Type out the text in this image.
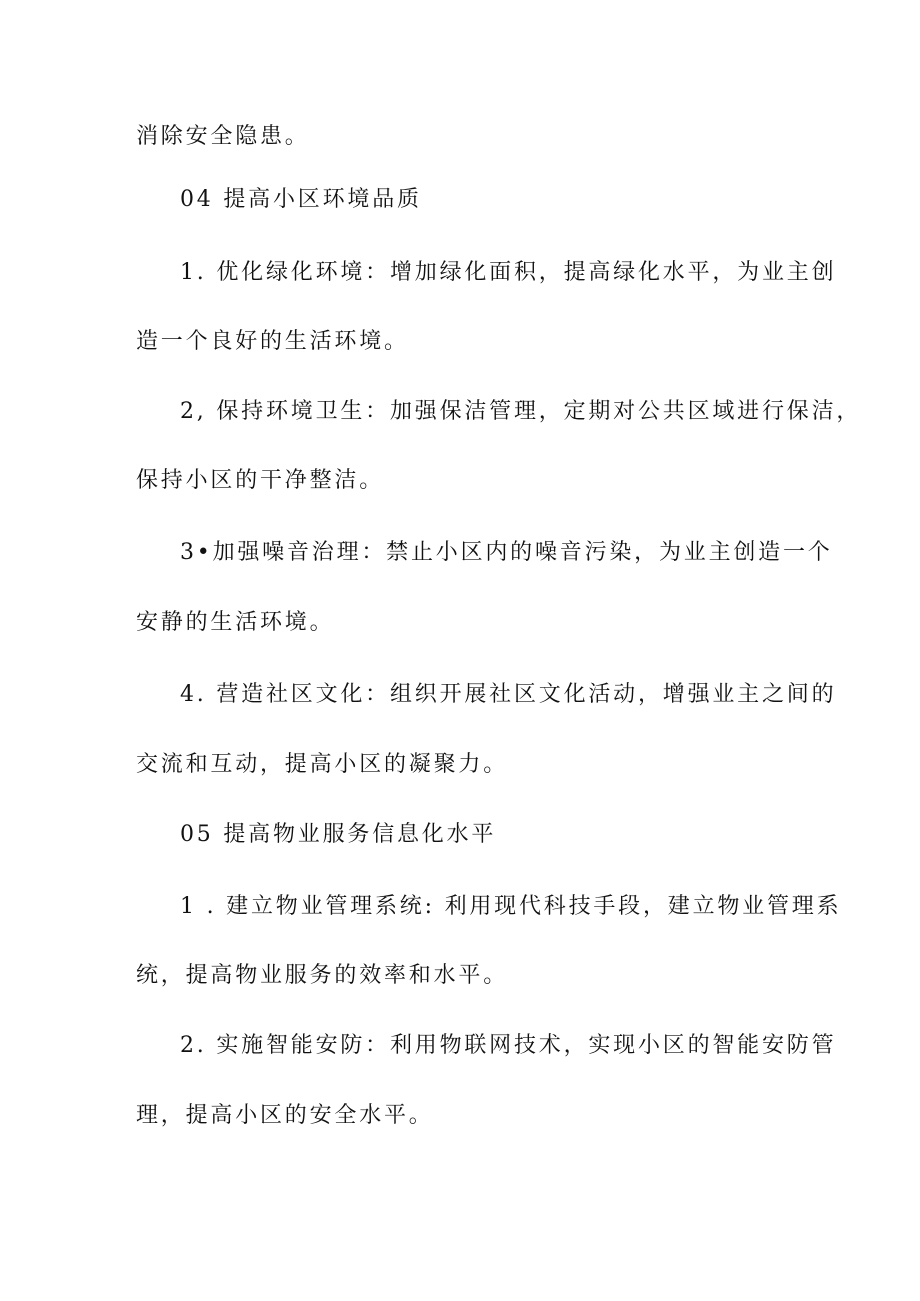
消除安全隐患。
04 提高小区环境品质
1. 优化绿化环境：增加绿化面积，提高绿化水平，为业主创
造一个良好的生活环境。
2, 保持环境卫生：加强保洁管理，定期对公共区域进行保洁，
保持小区的干净整洁。
3•加强噪音治理：禁止小区内的噪音污染，为业主创造一个
安静的生活环境。
4. 营造社区文化：组织开展社区文化活动，增强业主之间的
交流和互动，提高小区的凝聚力。
05 提高物业服务信息化水平
1 . 建立物业管理系统: 利用现代科技手段，建立物业管理系
统，提高物业服务的效率和水平。
2. 实施智能安防：利用物联网技术，实现小区的智能安防管
理，提高小区的安全水平。
